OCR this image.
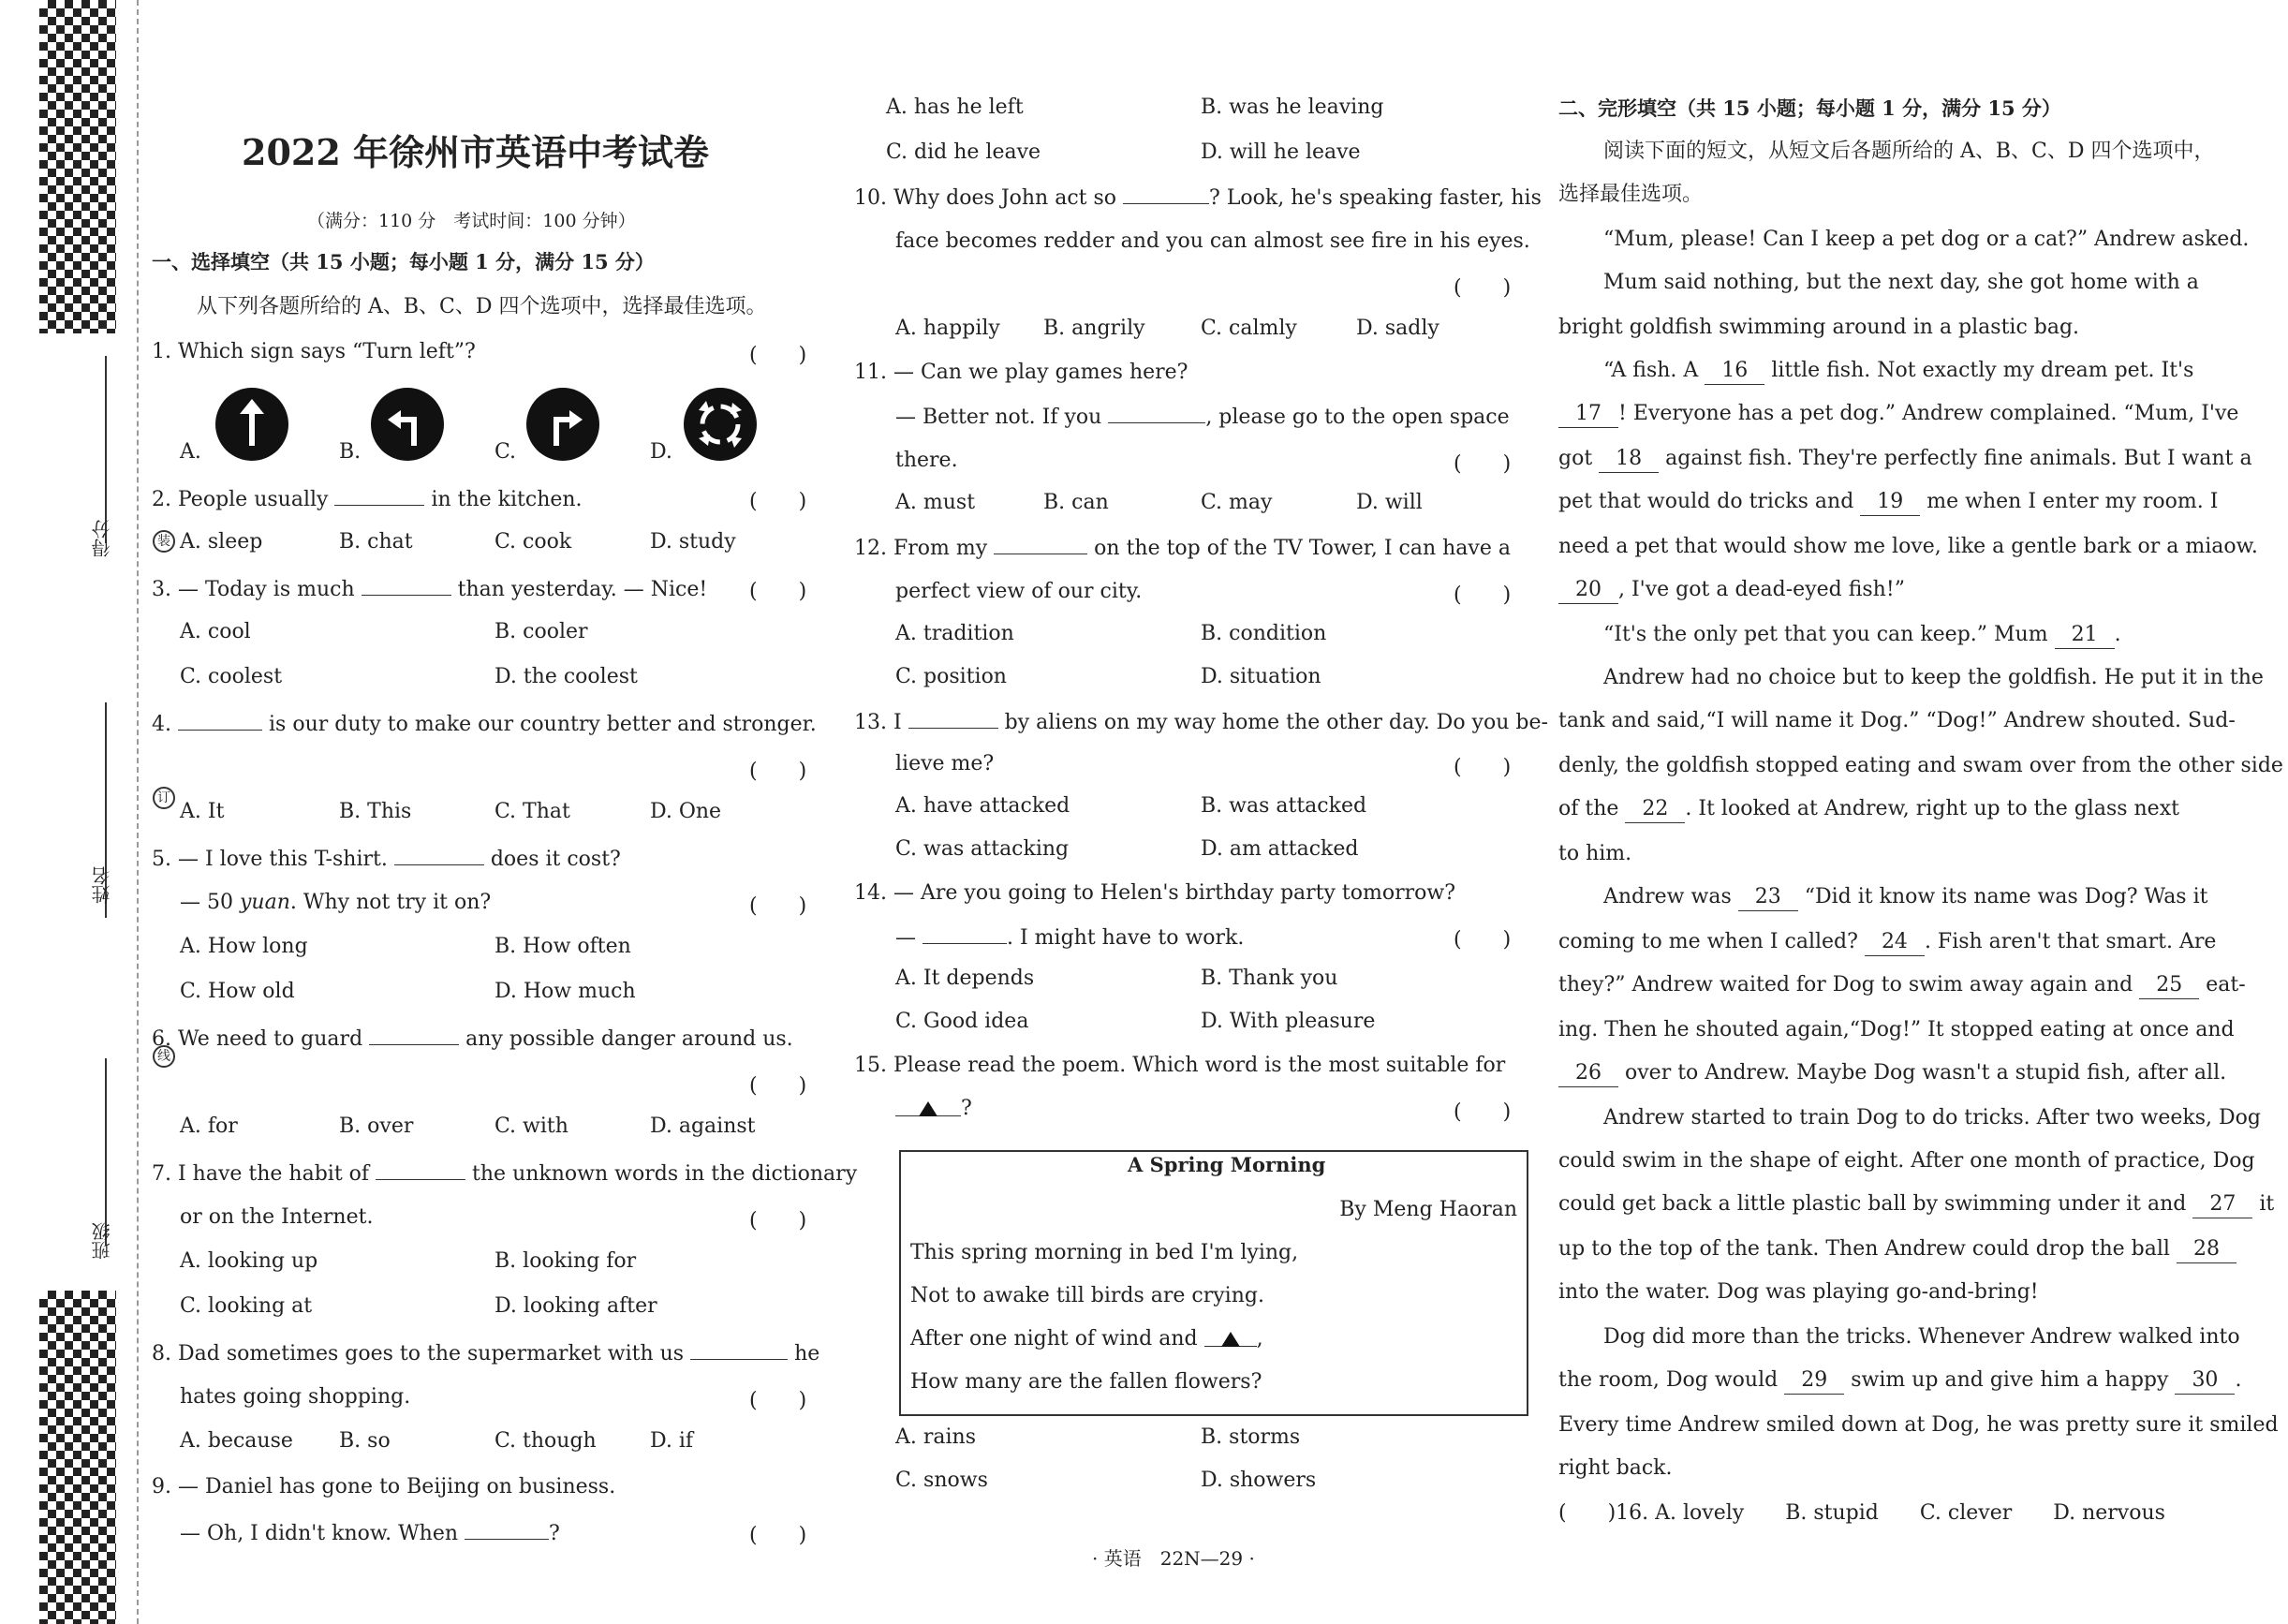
得分
姓名
班级
装
订
线
2022 年徐州市英语中考试卷
（满分：110 分　考试时间：100 分钟）
一、选择填空（共 15 小题；每小题 1 分，满分 15 分）
从下列各题所给的 A、B、C、D 四个选项中，选择最佳选项。
1. Which sign says “Turn left”?	(　　)
A.	B.	C.	D.
2. People usually	in the kitchen.	(　　)
A. sleep	B. chat	C. cook	D. study
3. — Today is much	than yesterday. — Nice! (　　)
A. cool	B. cooler
C. coolest	D. the coolest
4.	is our duty to make our country better and stronger.
(　　)
A. It	B. This	C. That	D. One
5. — I love this T-shirt.	does it cost?
— 50 yuan. Why not try it on?	(　　)
A. How long	B. How often
C. How old	D. How much
6. We need to guard	any possible danger around us.
(　　)
A. for	B. over	C. with	D. against
7. I have the habit of	the unknown words in the dictionary
or on the Internet.	(　　)
A. looking up	B. looking for
C. looking at	D. looking after
8. Dad sometimes goes to the supermarket with us	he
hates going shopping.	(　　)
A. because B. so	C. though	D. if
9. — Daniel has gone to Beijing on business.
— Oh, I didn't know. When	?	(　　)
A. has he left	B. was he leaving
C. did he leave	D. will he leave
10. Why does John act so	? Look, he's speaking faster, his
face becomes redder and you can almost see fire in his eyes.
(　　)
A. happily B. angrily	C. calmly	D. sadly
11. — Can we play games here?
— Better not. If you	, please go to the open space
there.	(　　)
A. must	B. can	C. may	D. will
12. From my	on the top of the TV Tower, I can have a
perfect view of our city.	(　　)
A. tradition	B. condition
C. position	D. situation
13. I	by aliens on my way home the other day. Do you be-
lieve me?	(　　)
A. have attacked	B. was attacked
C. was attacking	D. am attacked
14. — Are you going to Helen's birthday party tomorrow?
—	. I might have to work.	(　　)
A. It depends	B. Thank you
C. Good idea	D. With pleasure
15. Please read the poem. Which word is the most suitable for
?	(　　)
A Spring Morning
By Meng Haoran
This spring morning in bed I'm lying,
Not to awake till birds are crying.
After one night of wind and	,
How many are the fallen flowers?
A. rains	B. storms
C. snows	D. showers
· 英语　22N—29 ·
二、完形填空（共 15 小题；每小题 1 分，满分 15 分）
阅读下面的短文，从短文后各题所给的 A、B、C、D 四个选项中，
选择最佳选项。
“Mum, please! Can I keep a pet dog or a cat?” Andrew asked.
Mum said nothing, but the next day, she got home with a
bright goldfish swimming around in a plastic bag.
“A fish. A 16 little fish. Not exactly my dream pet. It's
17 ! Everyone has a pet dog.” Andrew complained. “Mum, I've
got 18 against fish. They're perfectly fine animals. But I want a
pet that would do tricks and 19 me when I enter my room. I
need a pet that would show me love, like a gentle bark or a miaow.
20 , I've got a dead-eyed fish!”
“It's the only pet that you can keep.” Mum 21 .
Andrew had no choice but to keep the goldfish. He put it in the
tank and said,“I will name it Dog.” “Dog!” Andrew shouted. Sud-
denly, the goldfish stopped eating and swam over from the other side
of the 22 . It looked at Andrew, right up to the glass next
to him.
Andrew was 23 “Did it know its name was Dog? Was it
coming to me when I called? 24 . Fish aren't that smart. Are
they?” Andrew waited for Dog to swim away again and 25 eat-
ing. Then he shouted again,“Dog!” It stopped eating at once and
26 over to Andrew. Maybe Dog wasn't a stupid fish, after all.
Andrew started to train Dog to do tricks. After two weeks, Dog
could swim in the shape of eight. After one month of practice, Dog
could get back a little plastic ball by swimming under it and 27 it
up to the top of the tank. Then Andrew could drop the ball 28
into the water. Dog was playing go-and-bring!
Dog did more than the tricks. Whenever Andrew walked into
the room, Dog would 29 swim up and give him a happy 30 .
Every time Andrew smiled down at Dog, he was pretty sure it smiled
right back.
(　　)16. A. lovely　　B. stupid　　C. clever　　D. nervous
